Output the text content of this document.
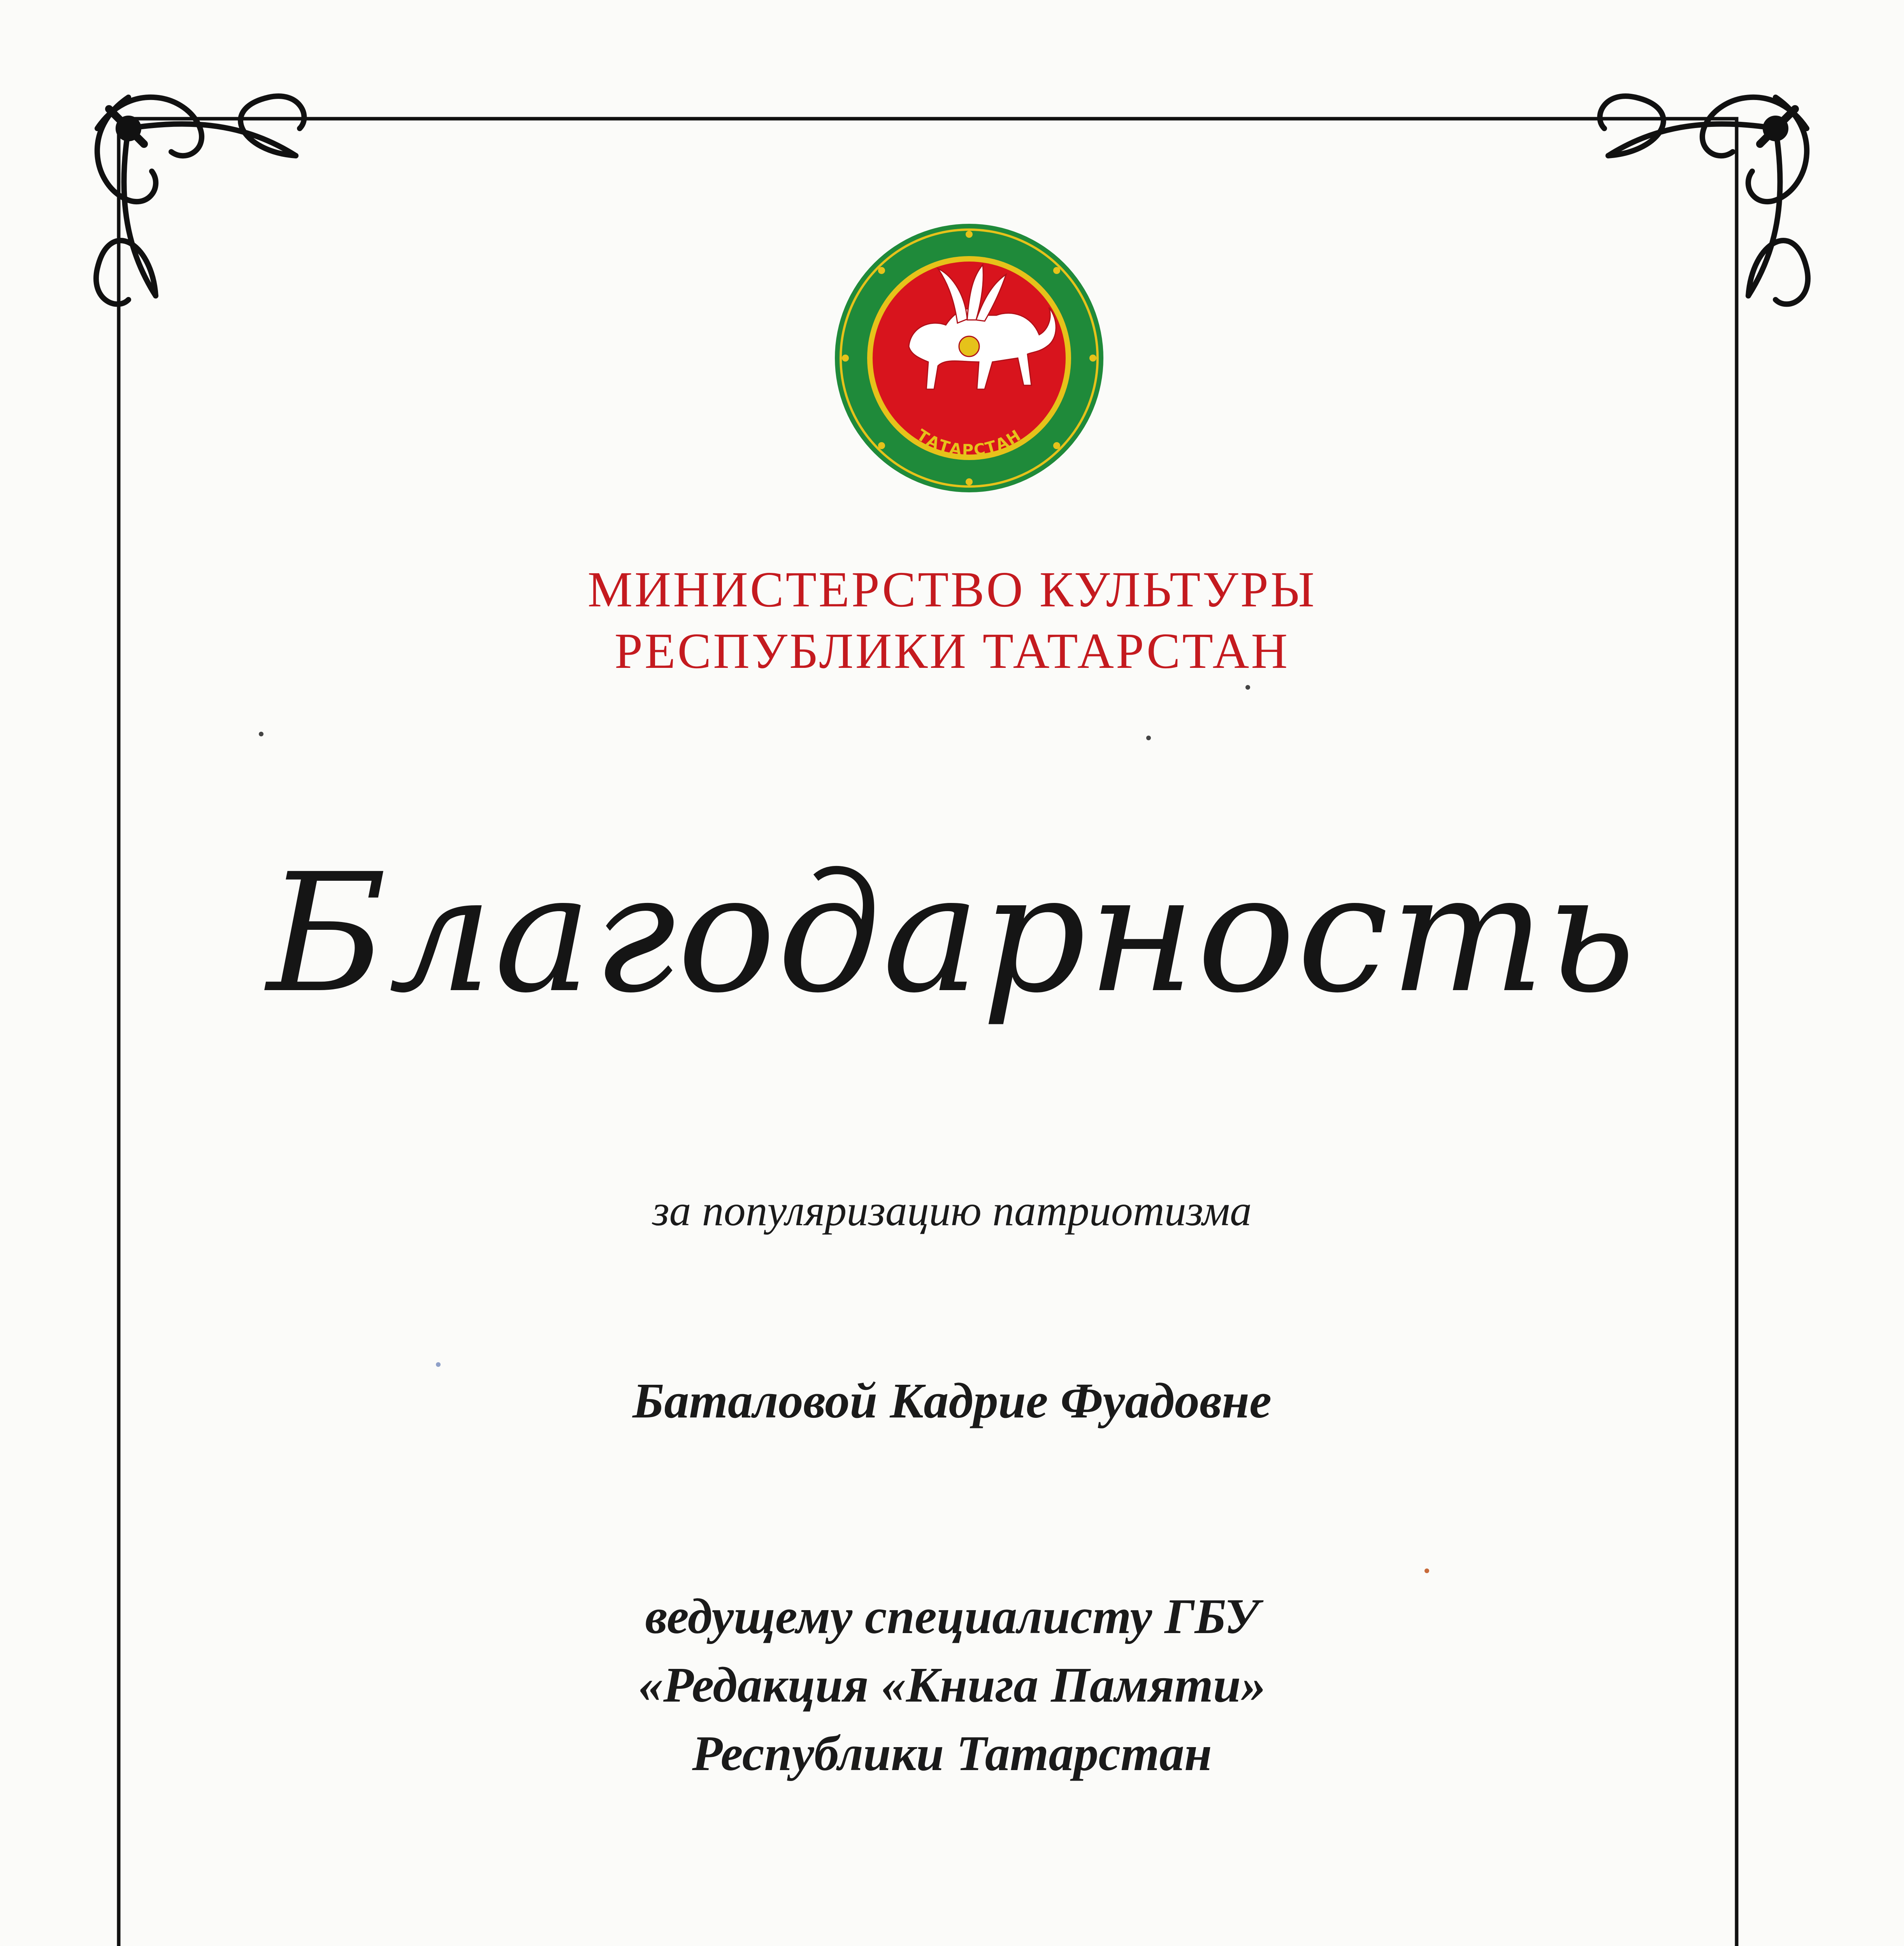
ТАТАРСТАН
МИНИСТЕРСТВО КУЛЬТУРЫ
РЕСПУБЛИКИ ТАТАРСТАН
Благодарность
за популяризацию патриотизма
Баталовой Кадрие Фуадовне
ведущему специалисту ГБУ
«Редакция «Книга Памяти»
Республики Татарстан
